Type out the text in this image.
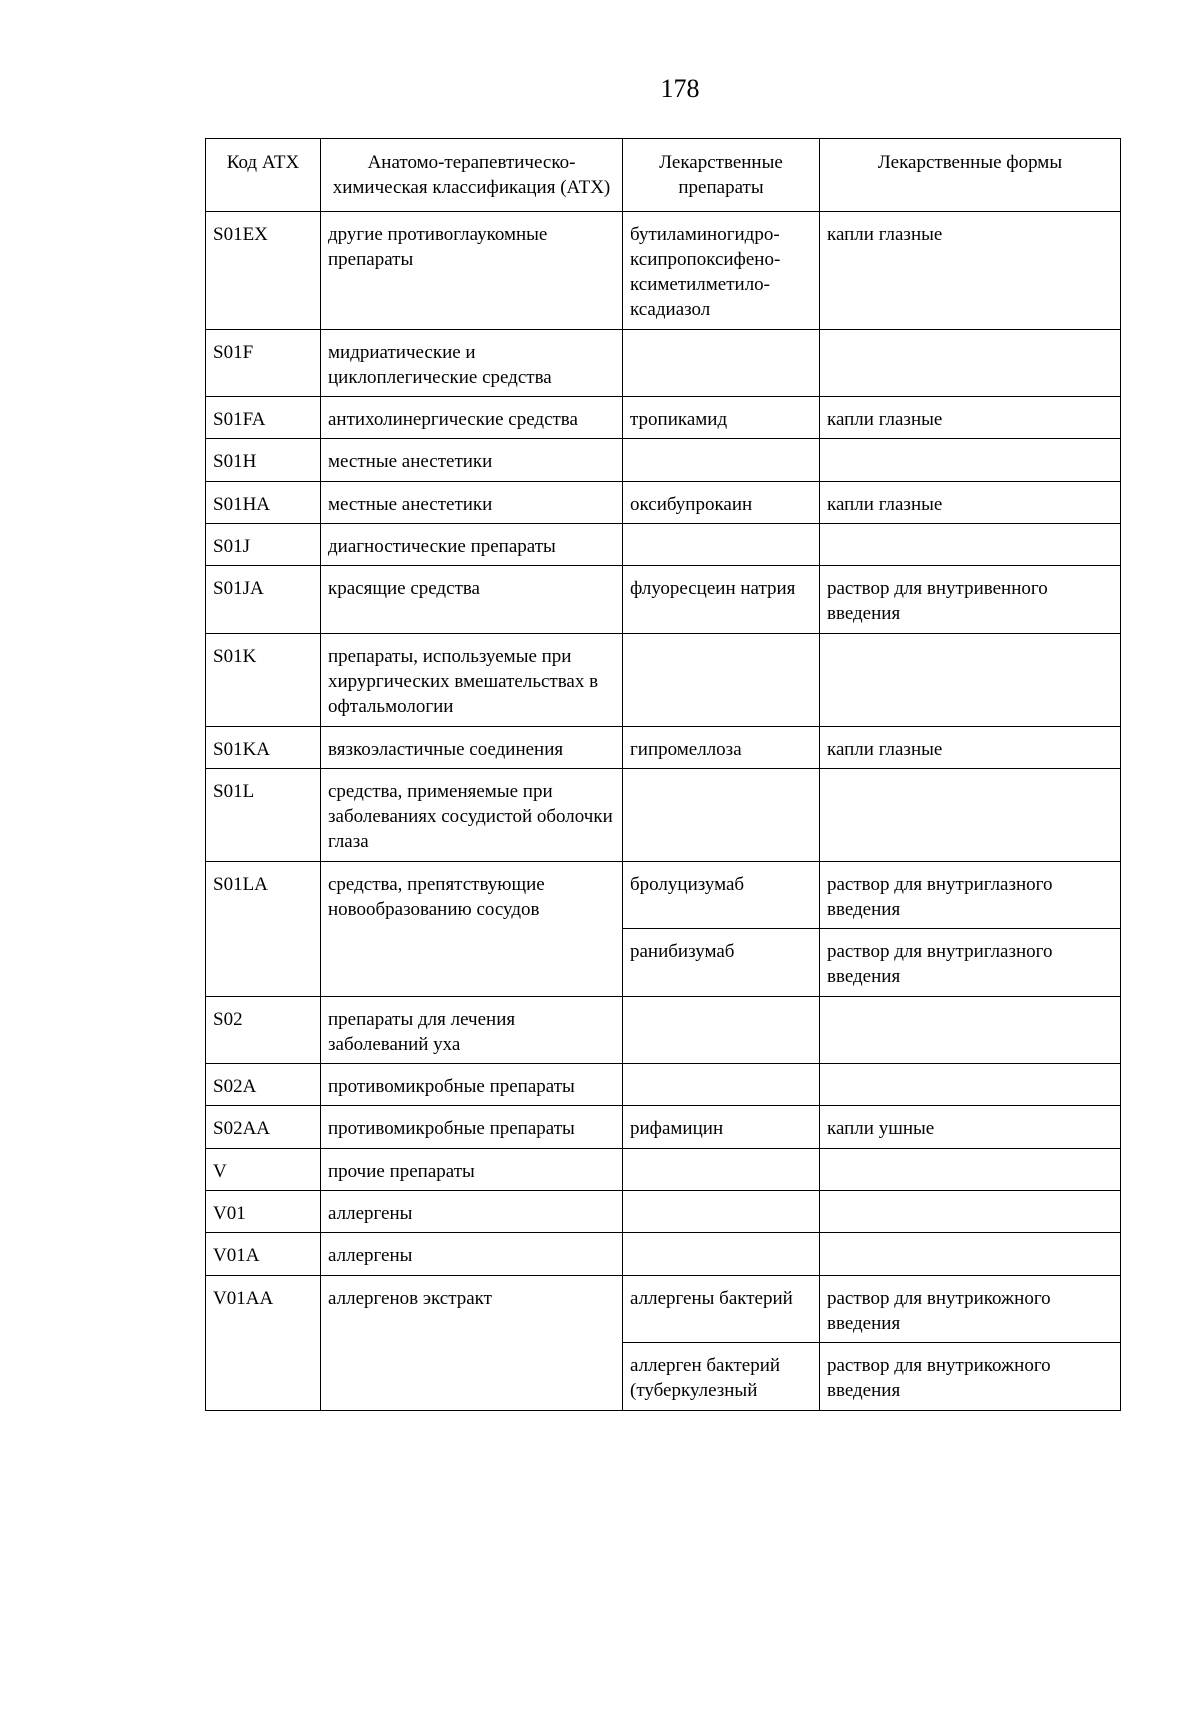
178
Код АТХ	Анатомо-терапевтическо-химическая классификация (АТХ)	Лекарственные препараты	Лекарственные формы
S01EX	другие противоглаукомные препараты	бутиламиногидро-ксипропоксифено-ксиметилметило-ксадиазол	капли глазные
S01F	мидриатические и циклоплегические средства		
S01FA	антихолинергические средства	тропикамид	капли глазные
S01H	местные анестетики		
S01HA	местные анестетики	оксибупрокаин	капли глазные
S01J	диагностические препараты		
S01JA	красящие средства	флуоресцеин натрия	раствор для внутривенного введения
S01K	препараты, используемые при хирургических вмешательствах в офтальмологии		
S01KA	вязкоэластичные соединения	гипромеллоза	капли глазные
S01L	средства, применяемые при заболеваниях сосудистой оболочки глаза		
S01LA	средства, препятствующие новообразованию сосудов	бролуцизумаб	раствор для внутриглазного введения
		ранибизумаб	раствор для внутриглазного введения
S02	препараты для лечения заболеваний уха		
S02A	противомикробные препараты		
S02AA	противомикробные препараты	рифамицин	капли ушные
V	прочие препараты		
V01	аллергены		
V01A	аллергены		
V01AA	аллергенов экстракт	аллергены бактерий	раствор для внутрикожного введения
		аллерген бактерий (туберкулезный	раствор для внутрикожного введения
